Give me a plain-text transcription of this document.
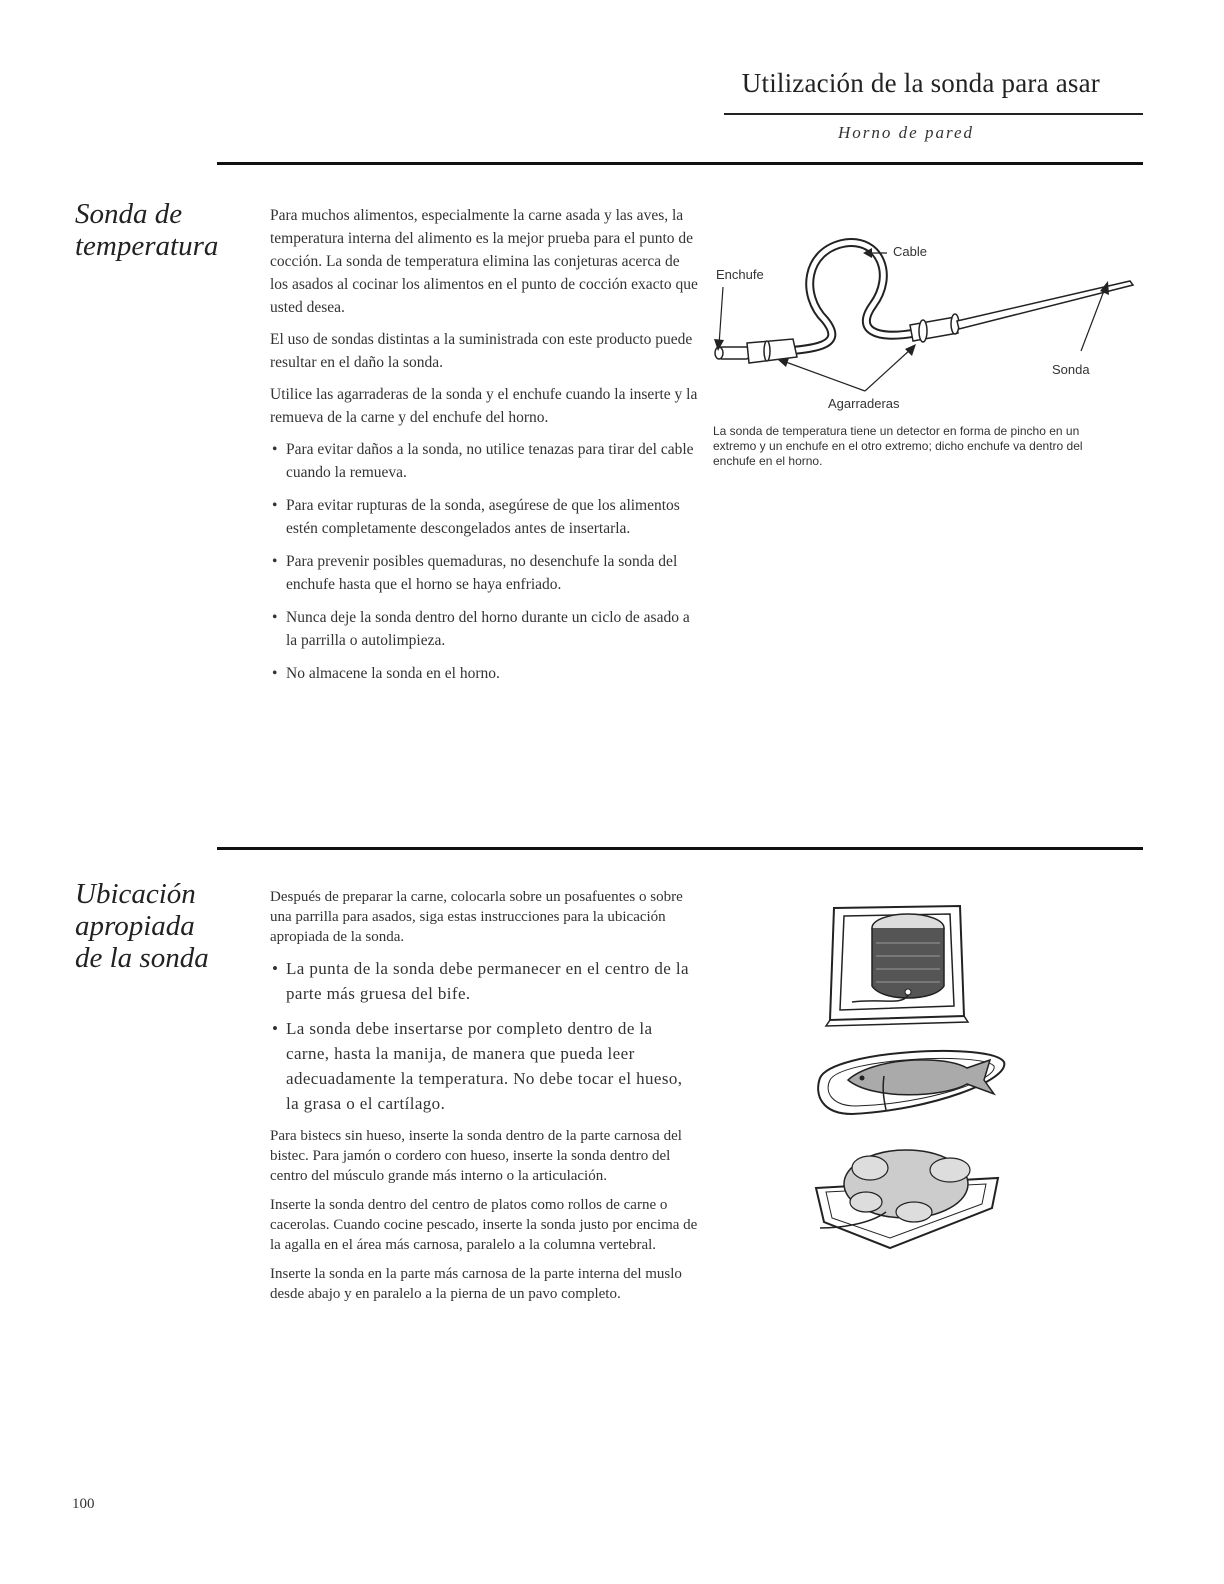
Utilización de la sonda para asar
Horno de pared
Sonda de temperatura

Para muchos alimentos, especialmente la carne asada y las aves, la temperatura interna del alimento es la mejor prueba para el punto de cocción. La sonda de temperatura elimina las conjeturas acerca de los asados al cocinar los alimentos en el punto de cocción exacto que usted desea.

El uso de sondas distintas a la suministrada con este producto puede resultar en el daño la sonda.

Utilice las agarraderas de la sonda y el enchufe cuando la inserte y la remueva de la carne y del enchufe del horno.

• Para evitar daños a la sonda, no utilice tenazas para tirar del cable cuando la remueva.
• Para evitar rupturas de la sonda, asegúrese de que los alimentos estén completamente descongelados antes de insertarla.
• Para prevenir posibles quemaduras, no desenchufe la sonda del enchufe hasta que el horno se haya enfriado.
• Nunca deje la sonda dentro del horno durante un ciclo de asado a la parrilla o autolimpieza.
• No almacene la sonda en el horno.
Cable
Enchufe
Sonda
Agarraderas
La sonda de temperatura tiene un detector en forma de pincho en un extremo y un enchufe en el otro extremo; dicho enchufe va dentro del enchufe en el horno.
Ubicación apropiada de la sonda

Después de preparar la carne, colocarla sobre un posafuentes o sobre una parrilla para asados, siga estas instrucciones para la ubicación apropiada de la sonda.

• La punta de la sonda debe permanecer en el centro de la parte más gruesa del bife.
• La sonda debe insertarse por completo dentro de la carne, hasta la manija, de manera que pueda leer adecuadamente la temperatura. No debe tocar el hueso, la grasa o el cartílago.

Para bistecs sin hueso, inserte la sonda dentro de la parte carnosa del bistec. Para jamón o cordero con hueso, inserte la sonda dentro del centro del músculo grande más interno o la articulación.

Inserte la sonda dentro del centro de platos como rollos de carne o cacerolas. Cuando cocine pescado, inserte la sonda justo por encima de la agalla en el área más carnosa, paralelo a la columna vertebral.

Inserte la sonda en la parte más carnosa de la parte interna del muslo desde abajo y en paralelo a la pierna de un pavo completo.

100
